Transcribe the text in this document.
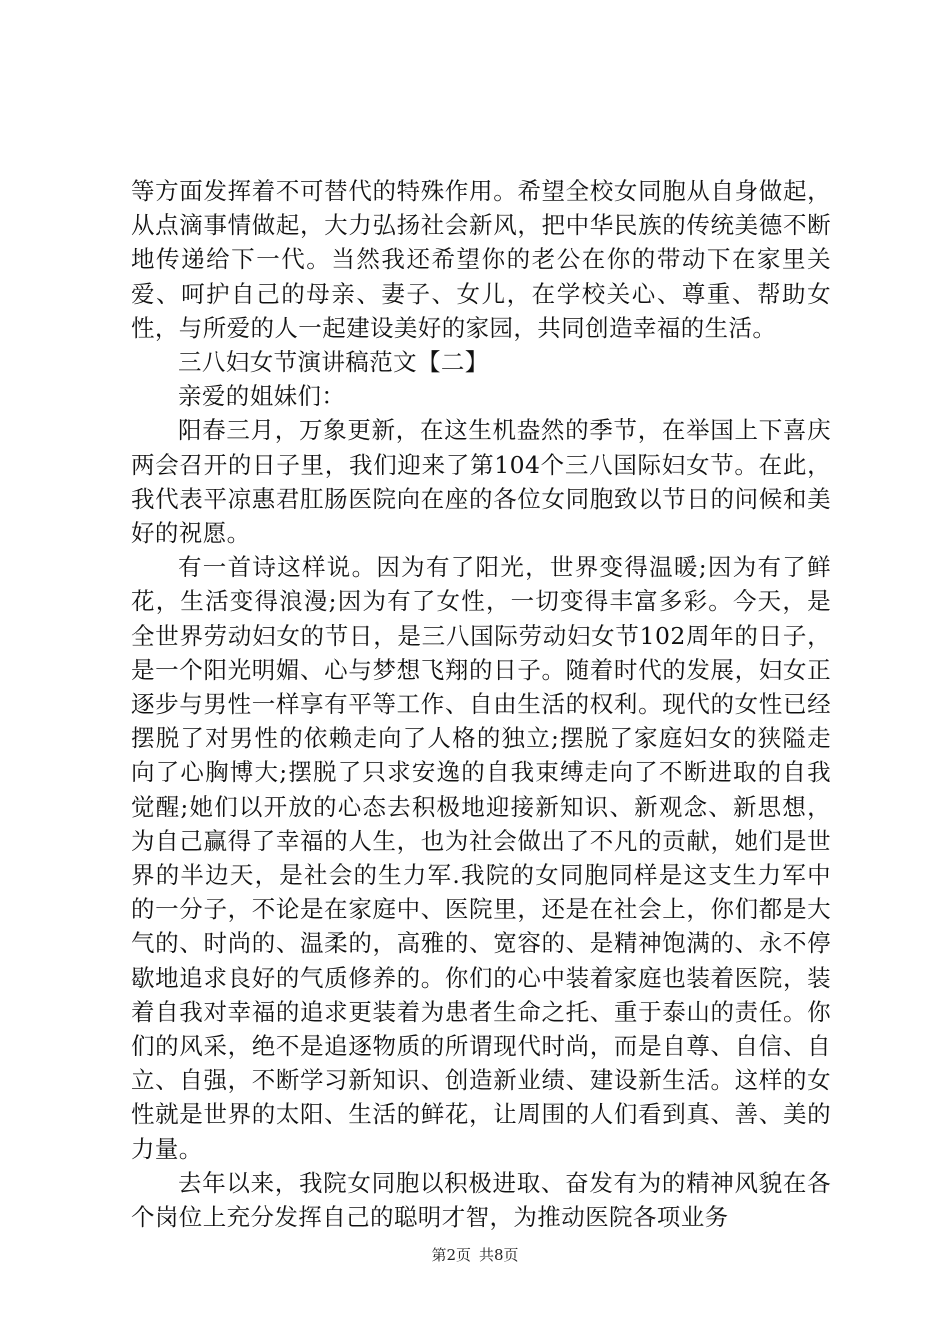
等方面发挥着不可替代的特殊作用。希望全校女同胞从自身做起，从点滴事情做起，大力弘扬社会新风，把中华民族的传统美德不断地传递给下一代。当然我还希望你的老公在你的带动下在家里关爱、呵护自己的母亲、妻子、女儿，在学校关心、尊重、帮助女性，与所爱的人一起建设美好的家园，共同创造幸福的生活。

三八妇女节演讲稿范文【二】

亲爱的姐妹们：

阳春三月，万象更新，在这生机盎然的季节，在举国上下喜庆两会召开的日子里，我们迎来了第104个三八国际妇女节。在此，我代表平凉惠君肛肠医院向在座的各位女同胞致以节日的问候和美好的祝愿。

有一首诗这样说。因为有了阳光，世界变得温暖;因为有了鲜花，生活变得浪漫;因为有了女性，一切变得丰富多彩。今天，是全世界劳动妇女的节日，是三八国际劳动妇女节102周年的日子，是一个阳光明媚、心与梦想飞翔的日子。随着时代的发展，妇女正逐步与男性一样享有平等工作、自由生活的权利。现代的女性已经摆脱了对男性的依赖走向了人格的独立;摆脱了家庭妇女的狭隘走向了心胸博大;摆脱了只求安逸的自我束缚走向了不断进取的自我觉醒;她们以开放的心态去积极地迎接新知识、新观念、新思想，为自己赢得了幸福的人生，也为社会做出了不凡的贡献，她们是世界的半边天，是社会的生力军.我院的女同胞同样是这支生力军中的一分子，不论是在家庭中、医院里，还是在社会上，你们都是大气的、时尚的、温柔的，高雅的、宽容的、是精神饱满的、永不停歇地追求良好的气质修养的。你们的心中装着家庭也装着医院，装着自我对幸福的追求更装着为患者生命之托、重于泰山的责任。你们的风采，绝不是追逐物质的所谓现代时尚，而是自尊、自信、自立、自强，不断学习新知识、创造新业绩、建设新生活。这样的女性就是世界的太阳、生活的鲜花，让周围的人们看到真、善、美的力量。

去年以来，我院女同胞以积极进取、奋发有为的精神风貌在各个岗位上充分发挥自己的聪明才智，为推动医院各项业务

第2页 共8页
